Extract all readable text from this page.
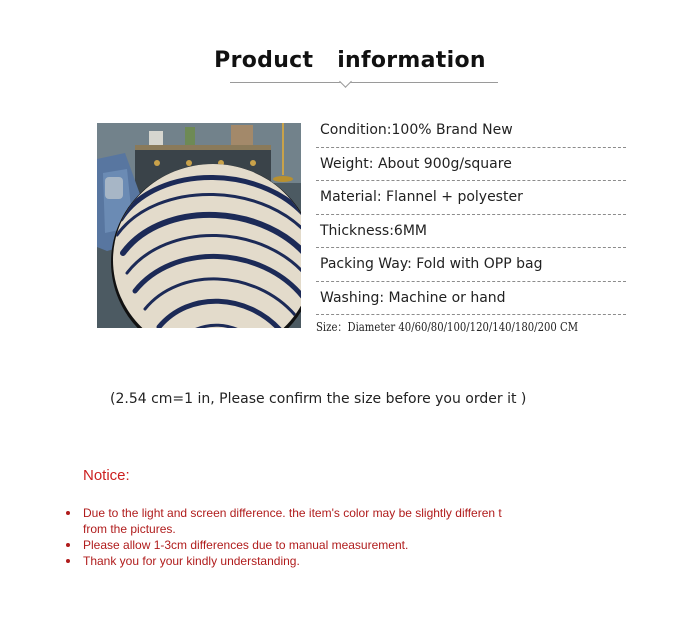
Product   information
Condition:100% Brand New
Weight: About 900g/square
Material: Flannel + polyester
Thickness:6MM
Packing Way: Fold with OPP bag
Washing: Machine or hand
Size：Diameter 40/60/80/100/120/140/180/200 CM
(2.54 cm=1 in, Please confirm the size before you order it )
Notice:
Due to the light and screen difference. the item's color may be slightly differen t from the pictures.
Please allow 1-3cm differences due to manual measurement.
Thank you for your kindly understanding.
